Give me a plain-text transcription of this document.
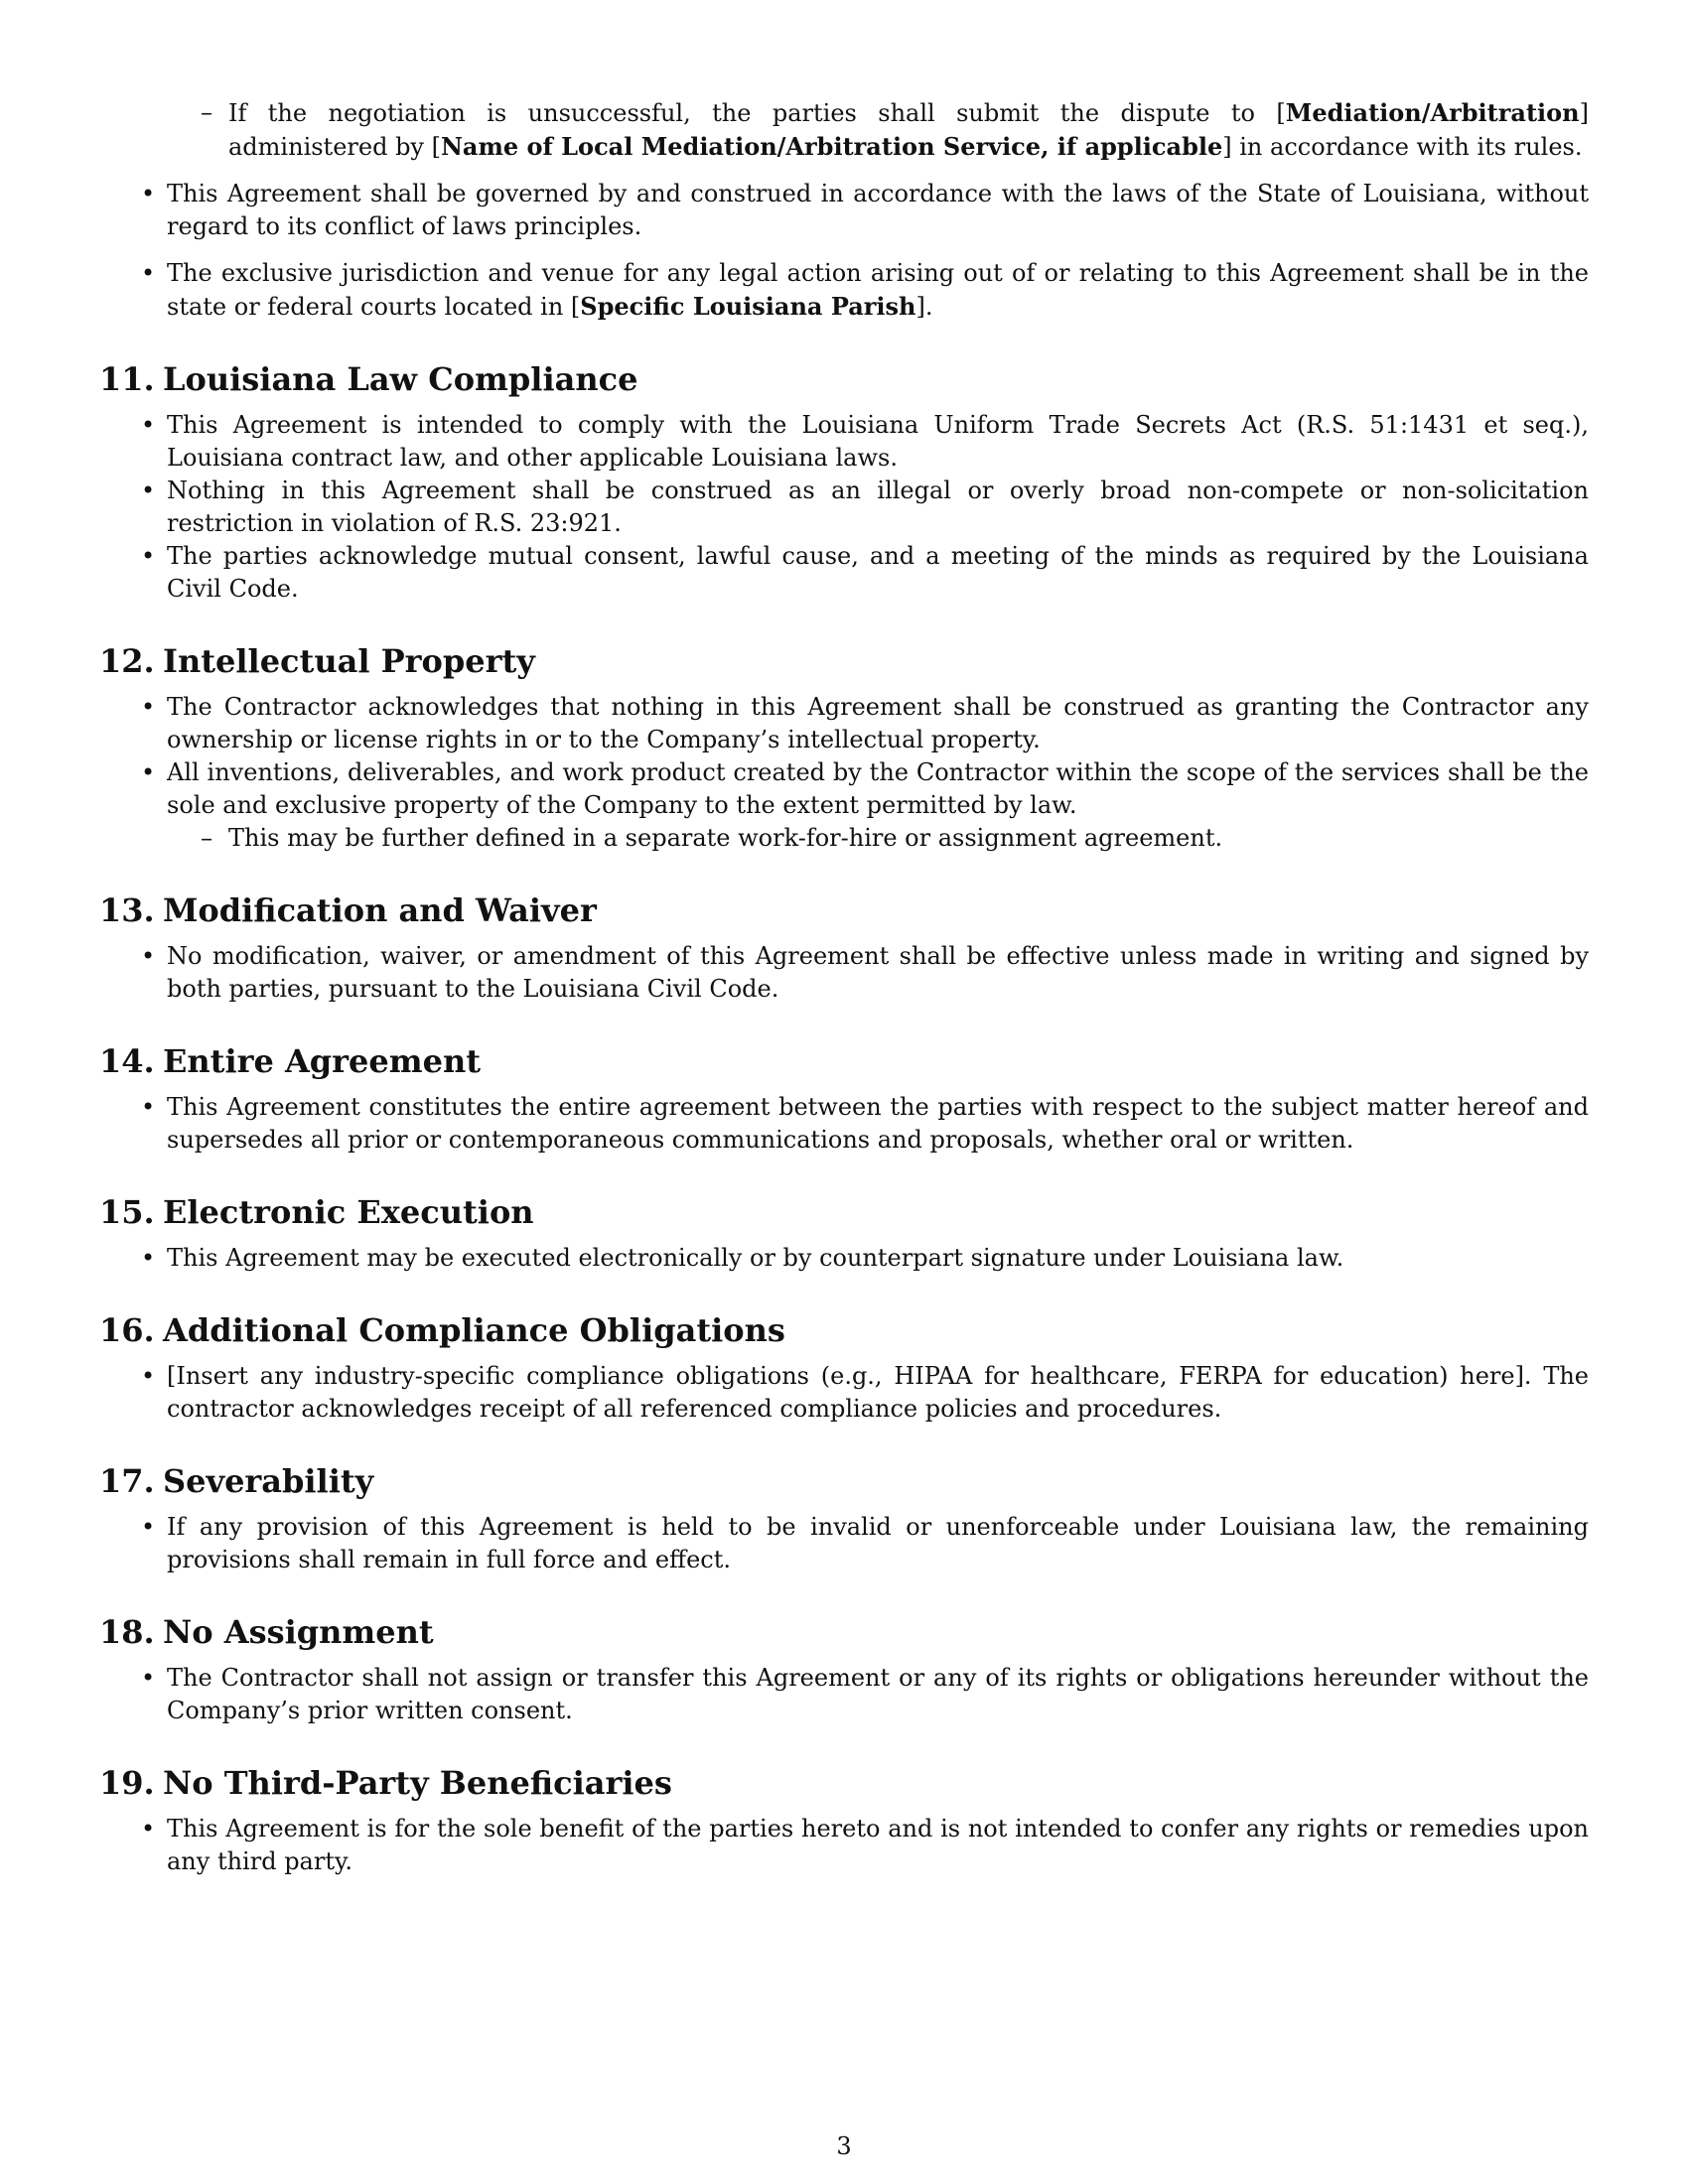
– If the negotiation is unsuccessful, the parties shall submit the dispute to [Mediation/Arbitration] administered by [Name of Local Mediation/Arbitration Service, if applicable] in accordance with its rules.
• This Agreement shall be governed by and construed in accordance with the laws of the State of Louisiana, without regard to its conflict of laws principles.
• The exclusive jurisdiction and venue for any legal action arising out of or relating to this Agreement shall be in the state or federal courts located in [Specific Louisiana Parish].
11. Louisiana Law Compliance
• This Agreement is intended to comply with the Louisiana Uniform Trade Secrets Act (R.S. 51:1431 et seq.), Louisiana contract law, and other applicable Louisiana laws.
• Nothing in this Agreement shall be construed as an illegal or overly broad non-compete or non-solicitation restriction in violation of R.S. 23:921.
• The parties acknowledge mutual consent, lawful cause, and a meeting of the minds as required by the Louisiana Civil Code.
12. Intellectual Property
• The Contractor acknowledges that nothing in this Agreement shall be construed as granting the Contractor any ownership or license rights in or to the Company’s intellectual property.
• All inventions, deliverables, and work product created by the Contractor within the scope of the services shall be the sole and exclusive property of the Company to the extent permitted by law.
– This may be further defined in a separate work-for-hire or assignment agreement.
13. Modification and Waiver
• No modification, waiver, or amendment of this Agreement shall be effective unless made in writing and signed by both parties, pursuant to the Louisiana Civil Code.
14. Entire Agreement
• This Agreement constitutes the entire agreement between the parties with respect to the subject matter hereof and supersedes all prior or contemporaneous communications and proposals, whether oral or written.
15. Electronic Execution
• This Agreement may be executed electronically or by counterpart signature under Louisiana law.
16. Additional Compliance Obligations
• [Insert any industry-specific compliance obligations (e.g., HIPAA for healthcare, FERPA for education) here]. The contractor acknowledges receipt of all referenced compliance policies and procedures.
17. Severability
• If any provision of this Agreement is held to be invalid or unenforceable under Louisiana law, the remaining provisions shall remain in full force and effect.
18. No Assignment
• The Contractor shall not assign or transfer this Agreement or any of its rights or obligations hereunder without the Company’s prior written consent.
19. No Third-Party Beneficiaries
• This Agreement is for the sole benefit of the parties hereto and is not intended to confer any rights or remedies upon any third party.
3
